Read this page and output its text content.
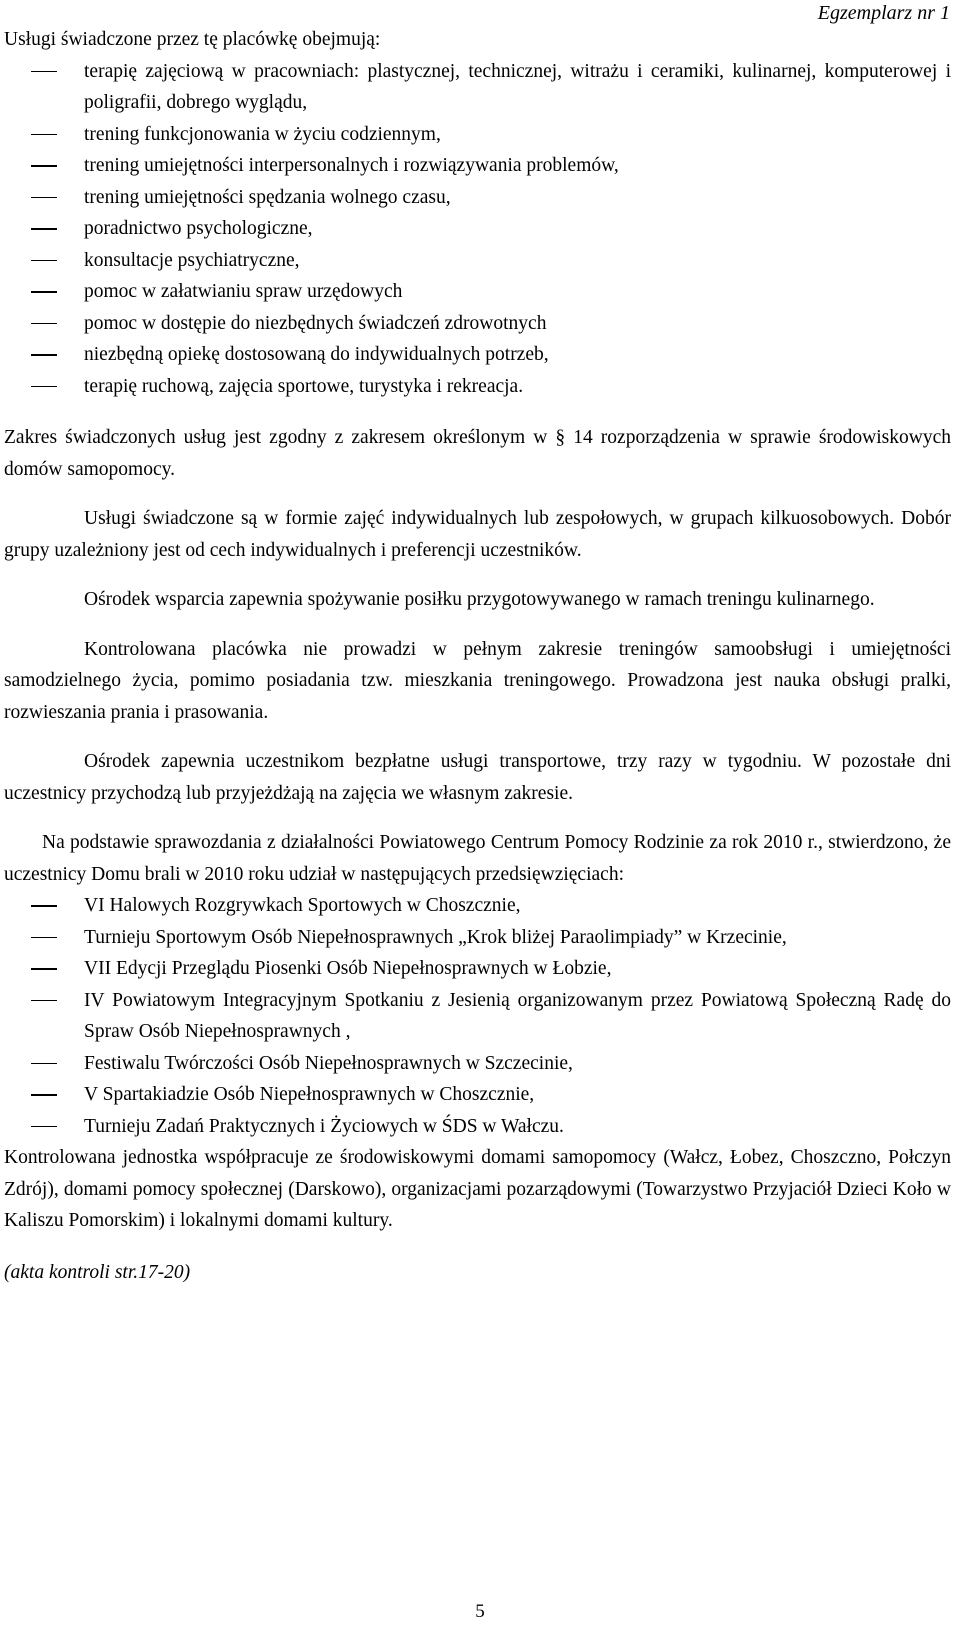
Egzemplarz nr 1

Usługi świadczone przez tę placówkę obejmują:

terapię zajęciową w pracowniach: plastycznej, technicznej, witrażu i ceramiki, kulinarnej, komputerowej i poligrafii, dobrego wyglądu,
trening funkcjonowania w życiu codziennym,
trening umiejętności interpersonalnych i rozwiązywania problemów,
trening umiejętności spędzania wolnego czasu,
poradnictwo psychologiczne,
konsultacje psychiatryczne,
pomoc w załatwianiu spraw urzędowych
pomoc w dostępie do niezbędnych świadczeń zdrowotnych
niezbędną opiekę dostosowaną do indywidualnych potrzeb,
terapię ruchową, zajęcia sportowe, turystyka i rekreacja.

Zakres świadczonych usług jest zgodny z zakresem określonym w § 14 rozporządzenia w sprawie środowiskowych domów samopomocy.

Usługi świadczone są w formie zajęć indywidualnych lub zespołowych, w grupach kilkuosobowych. Dobór grupy uzależniony jest od cech indywidualnych i preferencji uczestników.

Ośrodek wsparcia zapewnia spożywanie posiłku przygotowywanego w ramach treningu kulinarnego.

Kontrolowana placówka nie prowadzi w pełnym zakresie treningów samoobsługi i umiejętności samodzielnego życia, pomimo posiadania tzw. mieszkania treningowego. Prowadzona jest nauka obsługi pralki, rozwieszania prania i prasowania.

Ośrodek zapewnia uczestnikom bezpłatne usługi transportowe, trzy razy w tygodniu. W pozostałe dni uczestnicy przychodzą lub przyjeżdżają na zajęcia we własnym zakresie.

Na podstawie sprawozdania z działalności Powiatowego Centrum Pomocy Rodzinie za rok 2010 r., stwierdzono, że uczestnicy Domu brali w 2010 roku udział w następujących przedsięwzięciach:

VI Halowych Rozgrywkach Sportowych w Choszcznie,
Turnieju Sportowym Osób Niepełnosprawnych „Krok bliżej Paraolimpiady” w Krzecinie,
VII Edycji Przeglądu Piosenki Osób Niepełnosprawnych w Łobzie,
IV Powiatowym Integracyjnym Spotkaniu z Jesienią organizowanym przez Powiatową Społeczną Radę do Spraw Osób Niepełnosprawnych ,
Festiwalu Twórczości Osób Niepełnosprawnych w Szczecinie,
V Spartakiadzie Osób Niepełnosprawnych w Choszcznie,
Turnieju Zadań Praktycznych i Życiowych w ŚDS w Wałczu.

Kontrolowana jednostka współpracuje ze środowiskowymi domami samopomocy (Wałcz, Łobez, Choszczno, Połczyn Zdrój), domami pomocy społecznej (Darskowo), organizacjami pozarządowymi (Towarzystwo Przyjaciół Dzieci Koło w Kaliszu Pomorskim) i lokalnymi domami kultury.

(akta kontroli str.17-20)

5
